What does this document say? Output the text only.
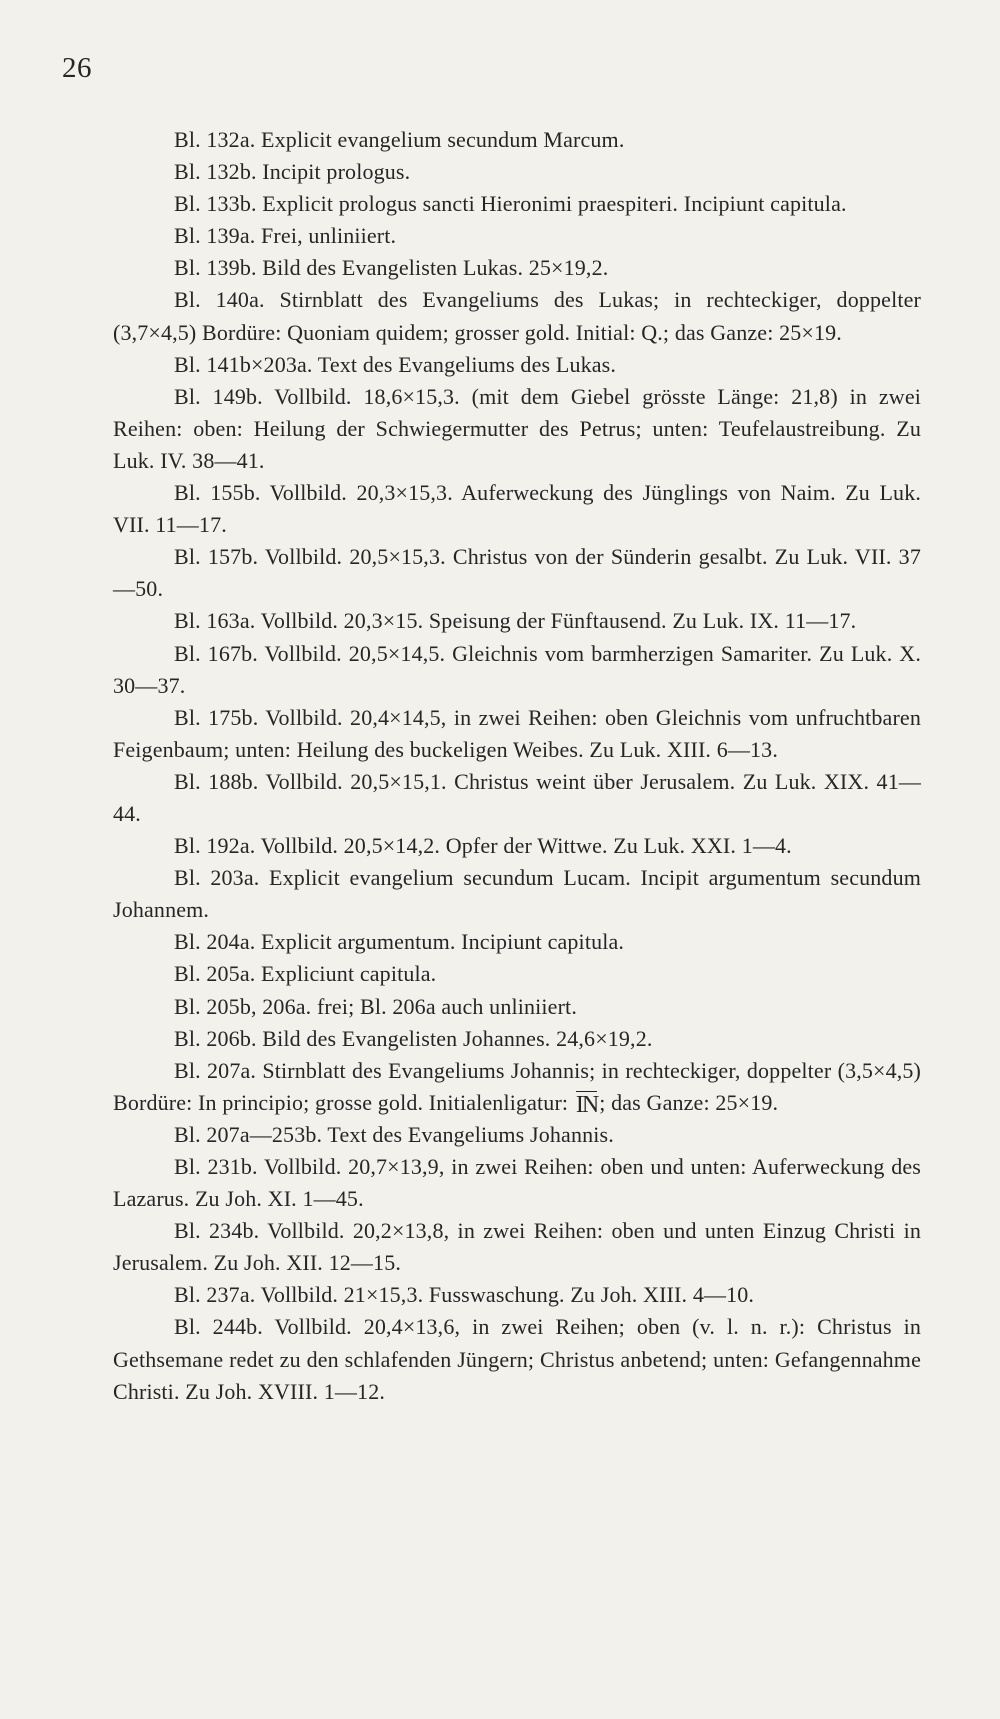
26

Bl. 132a. Explicit evangelium secundum Marcum.

Bl. 132b. Incipit prologus.

Bl. 133b. Explicit prologus sancti Hieronimi praespiteri. Incipiunt capitula.

Bl. 139a. Frei, unliniiert.

Bl. 139b. Bild des Evangelisten Lukas. 25×19,2.

Bl. 140a. Stirnblatt des Evangeliums des Lukas; in rechteckiger, doppelter (3,7×4,5) Bordüre: Quoniam quidem; grosser gold. Initial: Q.; das Ganze: 25×19.

Bl. 141b×203a. Text des Evangeliums des Lukas.

Bl. 149b. Vollbild. 18,6×15,3. (mit dem Giebel grösste Länge: 21,8) in zwei Reihen: oben: Heilung der Schwiegermutter des Petrus; unten: Teufelaustreibung. Zu Luk. IV. 38—41.

Bl. 155b. Vollbild. 20,3×15,3. Auferweckung des Jünglings von Naim. Zu Luk. VII. 11—17.

Bl. 157b. Vollbild. 20,5×15,3. Christus von der Sünderin gesalbt. Zu Luk. VII. 37—50.

Bl. 163a. Vollbild. 20,3×15. Speisung der Fünftausend. Zu Luk. IX. 11—17.

Bl. 167b. Vollbild. 20,5×14,5. Gleichnis vom barmherzigen Samariter. Zu Luk. X. 30—37.

Bl. 175b. Vollbild. 20,4×14,5, in zwei Reihen: oben Gleichnis vom unfruchtbaren Feigenbaum; unten: Heilung des buckeligen Weibes. Zu Luk. XIII. 6—13.

Bl. 188b. Vollbild. 20,5×15,1. Christus weint über Jerusalem. Zu Luk. XIX. 41—44.

Bl. 192a. Vollbild. 20,5×14,2. Opfer der Wittwe. Zu Luk. XXI. 1—4.

Bl. 203a. Explicit evangelium secundum Lucam. Incipit argumentum secundum Johannem.

Bl. 204a. Explicit argumentum. Incipiunt capitula.

Bl. 205a. Expliciunt capitula.

Bl. 205b, 206a. frei; Bl. 206a auch unliniiert.

Bl. 206b. Bild des Evangelisten Johannes. 24,6×19,2.

Bl. 207a. Stirnblatt des Evangeliums Johannis; in rechteckiger, doppelter (3,5×4,5) Bordüre: In principio; grosse gold. Initialenligatur: IN; das Ganze: 25×19.

Bl. 207a—253b. Text des Evangeliums Johannis.

Bl. 231b. Vollbild. 20,7×13,9, in zwei Reihen: oben und unten: Auferweckung des Lazarus. Zu Joh. XI. 1—45.

Bl. 234b. Vollbild. 20,2×13,8, in zwei Reihen: oben und unten Einzug Christi in Jerusalem. Zu Joh. XII. 12—15.

Bl. 237a. Vollbild. 21×15,3. Fusswaschung. Zu Joh. XIII. 4—10.

Bl. 244b. Vollbild. 20,4×13,6, in zwei Reihen; oben (v. l. n. r.): Christus in Gethsemane redet zu den schlafenden Jüngern; Christus anbetend; unten: Gefangennahme Christi. Zu Joh. XVIII. 1—12.
